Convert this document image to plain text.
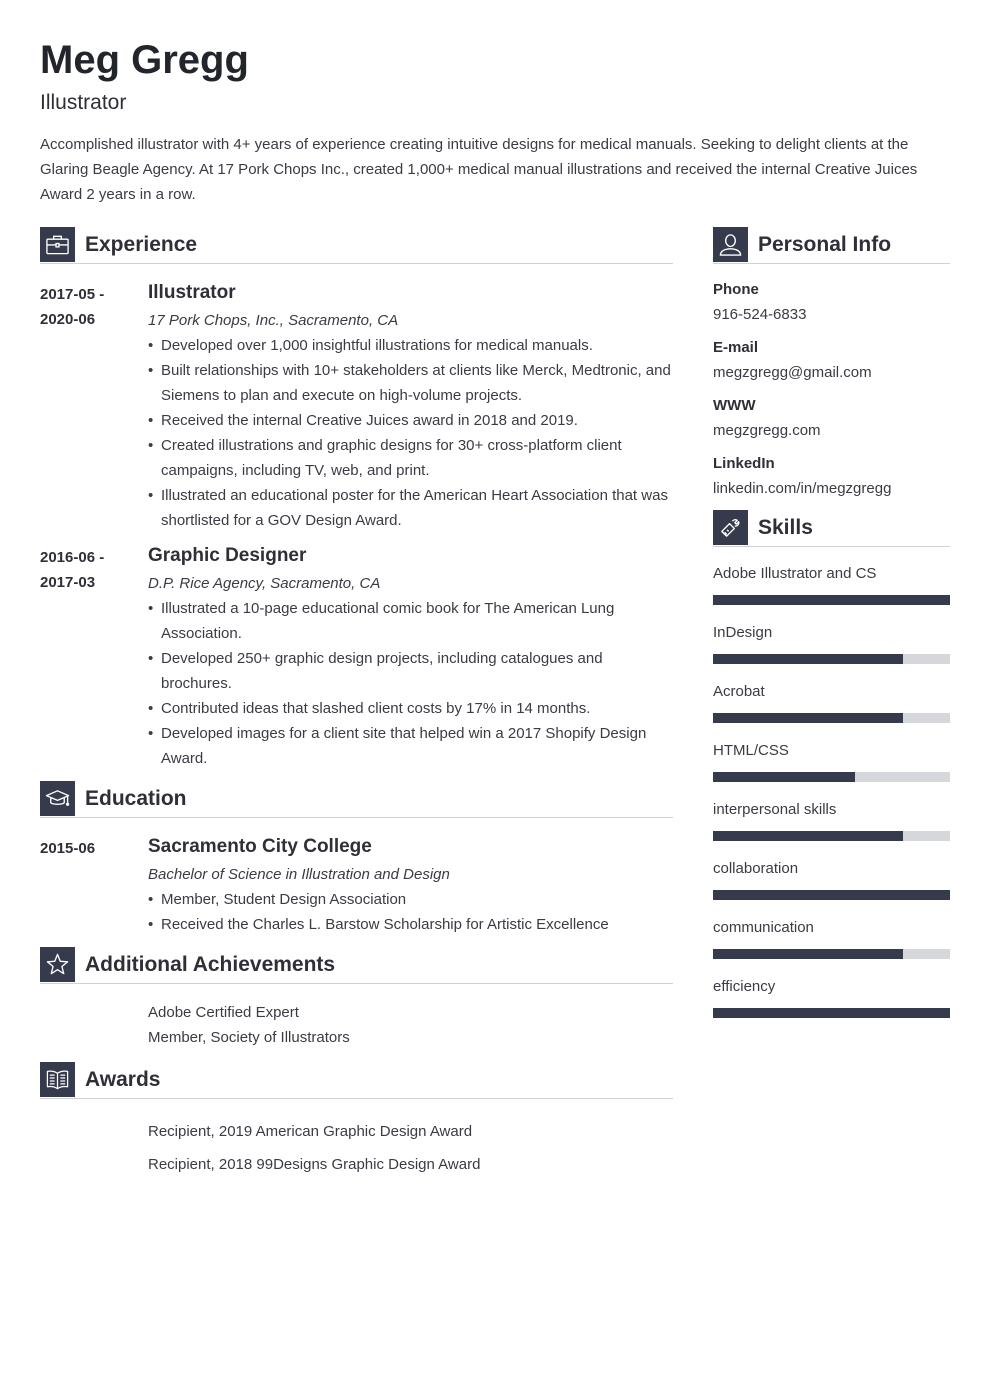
Meg Gregg
Illustrator

Accomplished illustrator with 4+ years of experience creating intuitive designs for medical manuals. Seeking to delight clients at the Glaring Beagle Agency. At 17 Pork Chops Inc., created 1,000+ medical manual illustrations and received the internal Creative Juices Award 2 years in a row.

Experience
2017-05 -
2020-06
Illustrator
17 Pork Chops, Inc., Sacramento, CA
• Developed over 1,000 insightful illustrations for medical manuals.
• Built relationships with 10+ stakeholders at clients like Merck, Medtronic, and Siemens to plan and execute on high-volume projects.
• Received the internal Creative Juices award in 2018 and 2019.
• Created illustrations and graphic designs for 30+ cross-platform client campaigns, including TV, web, and print.
• Illustrated an educational poster for the American Heart Association that was shortlisted for a GOV Design Award.
2016-06 -
2017-03
Graphic Designer
D.P. Rice Agency, Sacramento, CA
• Illustrated a 10-page educational comic book for The American Lung Association.
• Developed 250+ graphic design projects, including catalogues and brochures.
• Contributed ideas that slashed client costs by 17% in 14 months.
• Developed images for a client site that helped win a 2017 Shopify Design Award.
Education
2015-06	Sacramento City College
Bachelor of Science in Illustration and Design
• Member, Student Design Association
• Received the Charles L. Barstow Scholarship for Artistic Excellence
Additional Achievements
Adobe Certified Expert
Member, Society of Illustrators
Awards
Recipient, 2019 American Graphic Design Award
Recipient, 2018 99Designs Graphic Design Award
Personal Info
Phone
916-524-6833
E-mail
megzgregg@gmail.com
WWW
megzgregg.com
LinkedIn
linkedin.com/in/megzgregg
Skills
Adobe Illustrator and CS
InDesign
Acrobat
HTML/CSS
interpersonal skills
collaboration
communication
efficiency
